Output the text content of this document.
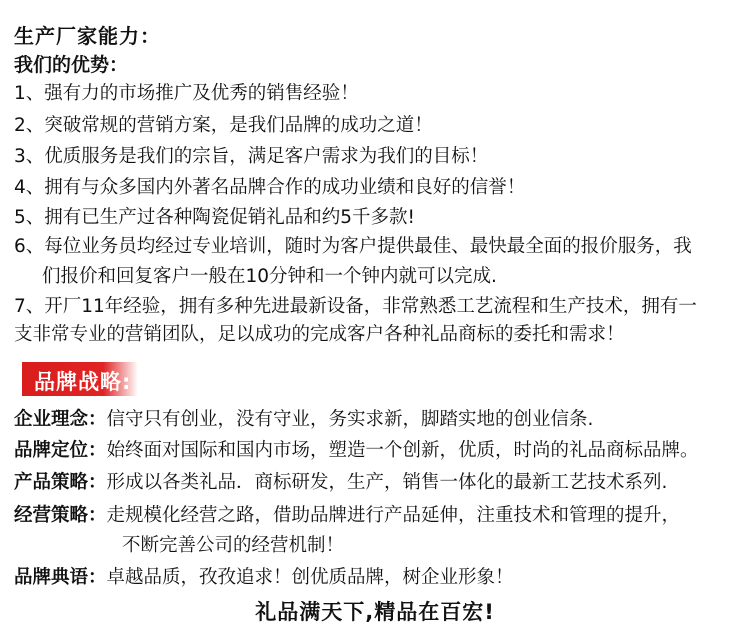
生产厂家能力：
我们的优势：
1、强有力的市场推广及优秀的销售经验！
2、突破常规的营销方案，是我们品牌的成功之道！
3、优质服务是我们的宗旨，满足客户需求为我们的目标！
4、拥有与众多国内外著名品牌合作的成功业绩和良好的信誉！
5、拥有已生产过各种陶瓷促销礼品和约5千多款!
6、每位业务员均经过专业培训，随时为客户提供最佳、最快最全面的报价服务，我
们报价和回复客户一般在10分钟和一个钟内就可以完成.
7、开厂11年经验，拥有多种先进最新设备，非常熟悉工艺流程和生产技术，拥有一
支非常专业的营销团队，足以成功的完成客户各种礼品商标的委托和需求！
品牌战略:
企业理念：信守只有创业，没有守业，务实求新，脚踏实地的创业信条.
品牌定位：始终面对国际和国内市场，塑造一个创新，优质，时尚的礼品商标品牌。
产品策略：形成以各类礼品．商标研发，生产，销售一体化的最新工艺技术系列.
经营策略：走规模化经营之路，借助品牌进行产品延伸，注重技术和管理的提升，
不断完善公司的经营机制！
品牌典语：卓越品质，孜孜追求！创优质品牌，树企业形象！
礼品满天下,精品在百宏!
